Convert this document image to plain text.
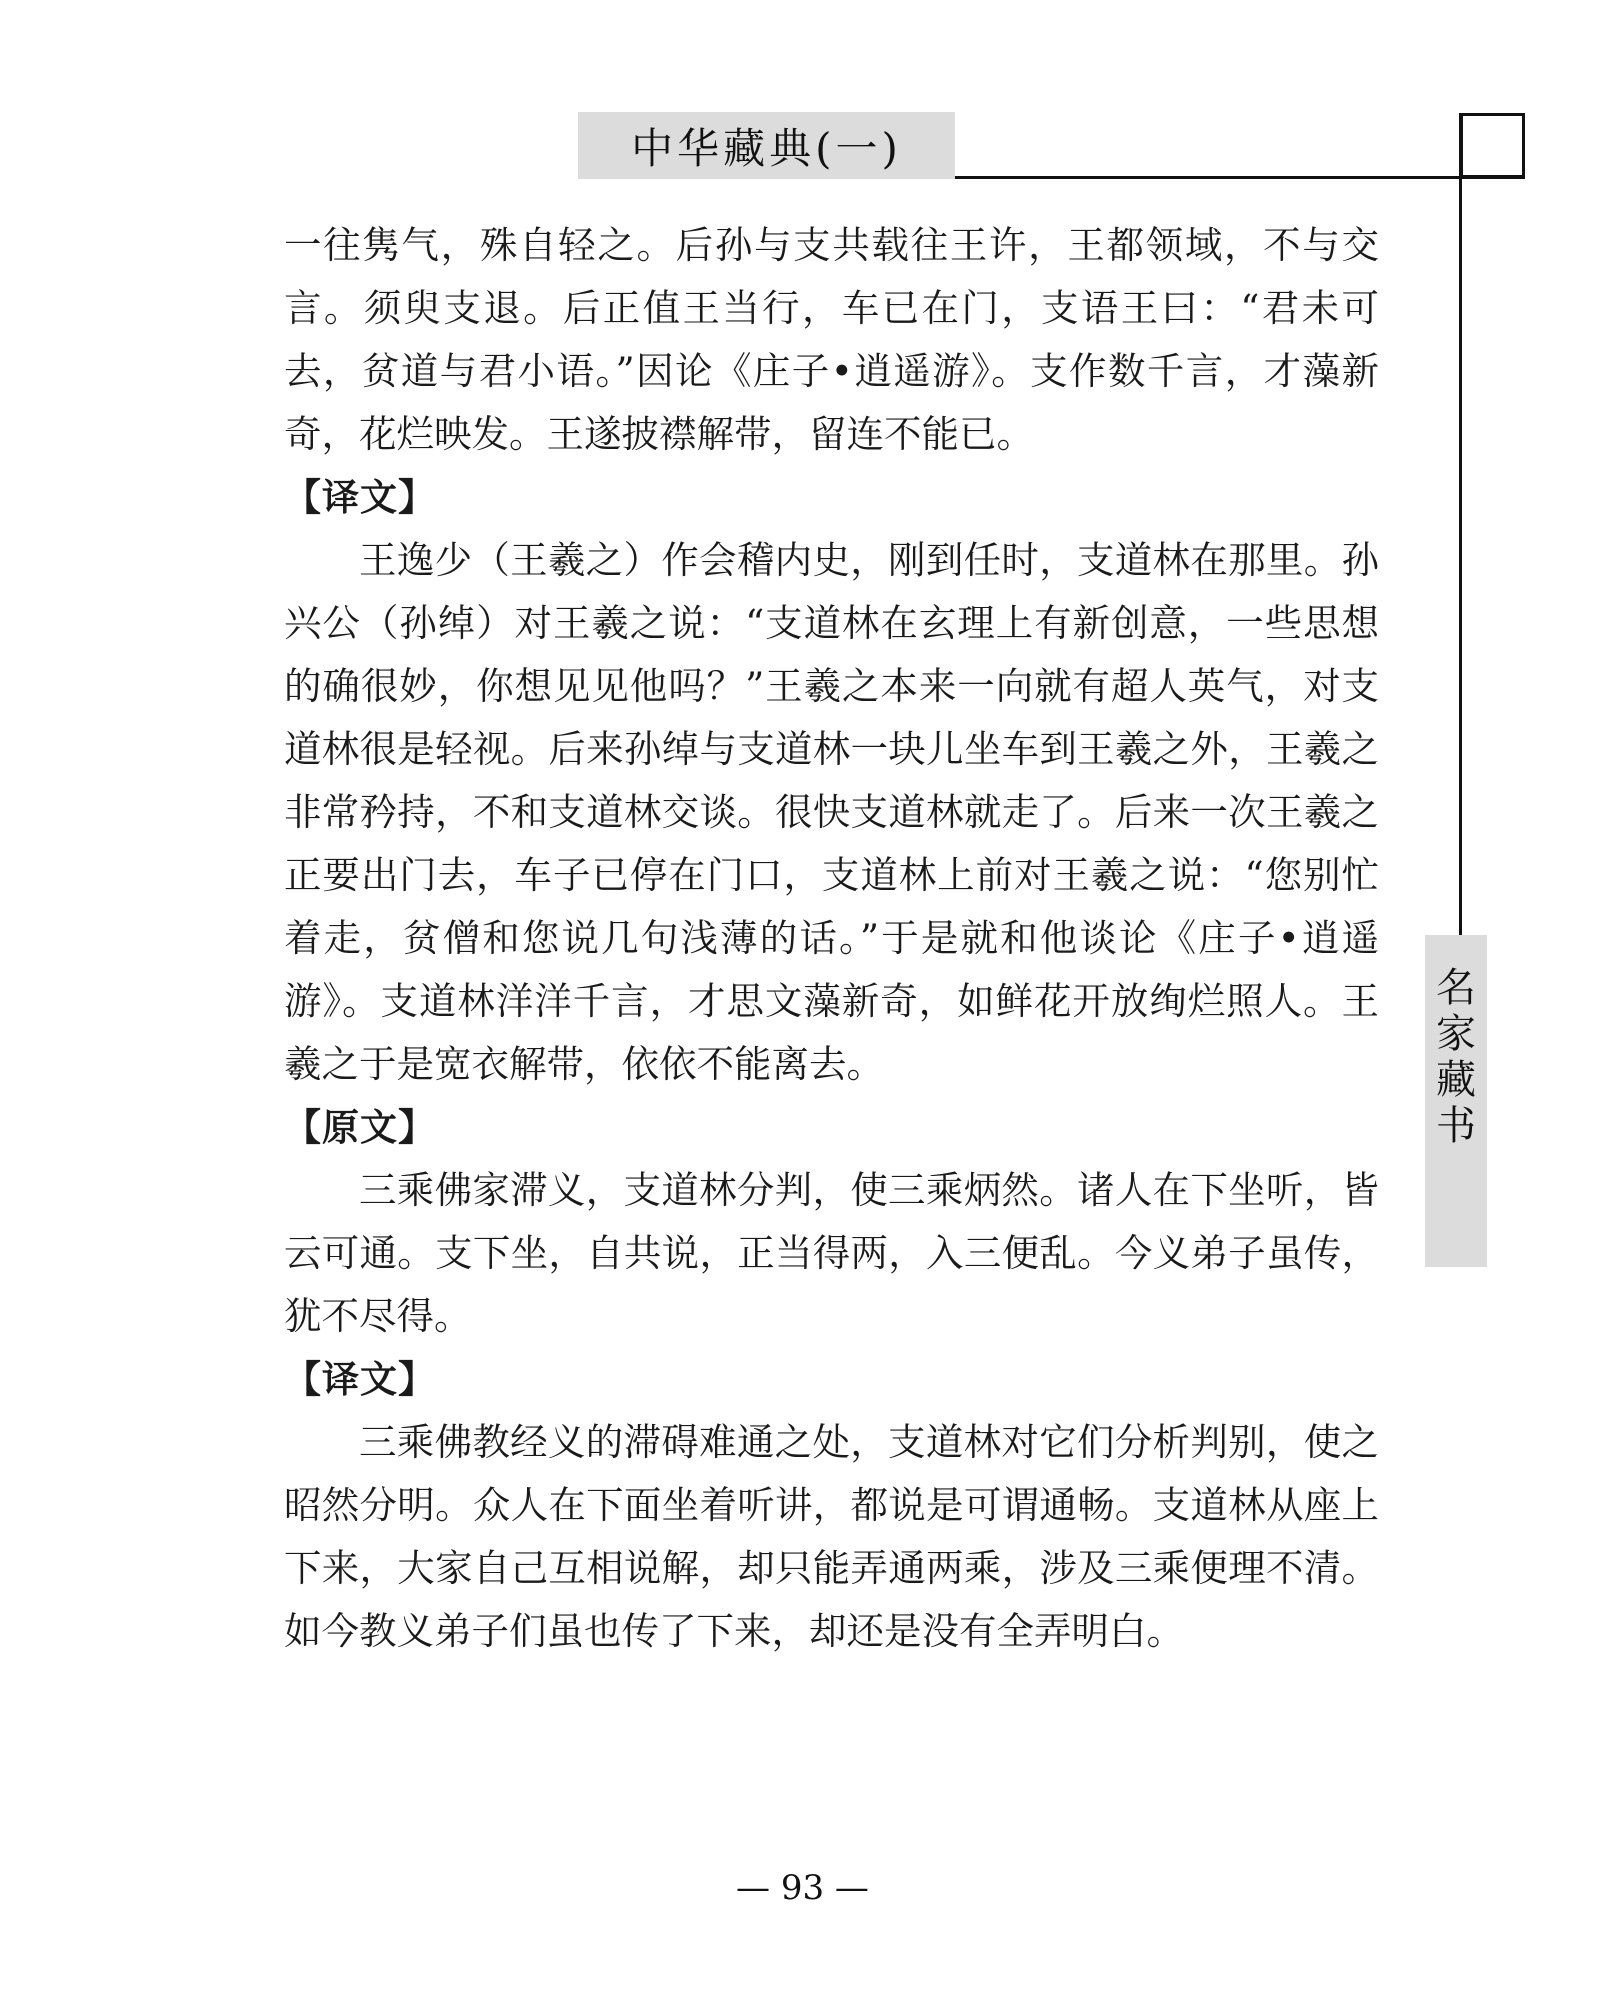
中华藏典(一)
名
家
藏
书

一往隽气，殊自轻之。后孙与支共载往王许，王都领域，不与交言。须臾支退。后正值王当行，车已在门，支语王曰：“君未可去，贫道与君小语。”因论《庄子•逍遥游》。支作数千言，才藻新奇，花烂映发。王遂披襟解带，留连不能已。

【译文】

王逸少（王羲之）作会稽内史，刚到任时，支道林在那里。孙兴公（孙绰）对王羲之说：“支道林在玄理上有新创意，一些思想的确很妙，你想见见他吗？”王羲之本来一向就有超人英气，对支道林很是轻视。后来孙绰与支道林一块儿坐车到王羲之外，王羲之非常矜持，不和支道林交谈。很快支道林就走了。后来一次王羲之正要出门去，车子已停在门口，支道林上前对王羲之说：“您别忙着走，贫僧和您说几句浅薄的话。”于是就和他谈论《庄子•逍遥游》。支道林洋洋千言，才思文藻新奇，如鲜花开放绚烂照人。王羲之于是宽衣解带，依依不能离去。

【原文】

三乘佛家滞义，支道林分判，使三乘炳然。诸人在下坐听，皆云可通。支下坐，自共说，正当得两，入三便乱。今义弟子虽传，犹不尽得。

【译文】

三乘佛教经义的滞碍难通之处，支道林对它们分析判别，使之昭然分明。众人在下面坐着听讲，都说是可谓通畅。支道林从座上下来，大家自己互相说解，却只能弄通两乘，涉及三乘便理不清。如今教义弟子们虽也传了下来，却还是没有全弄明白。

— 93 —
